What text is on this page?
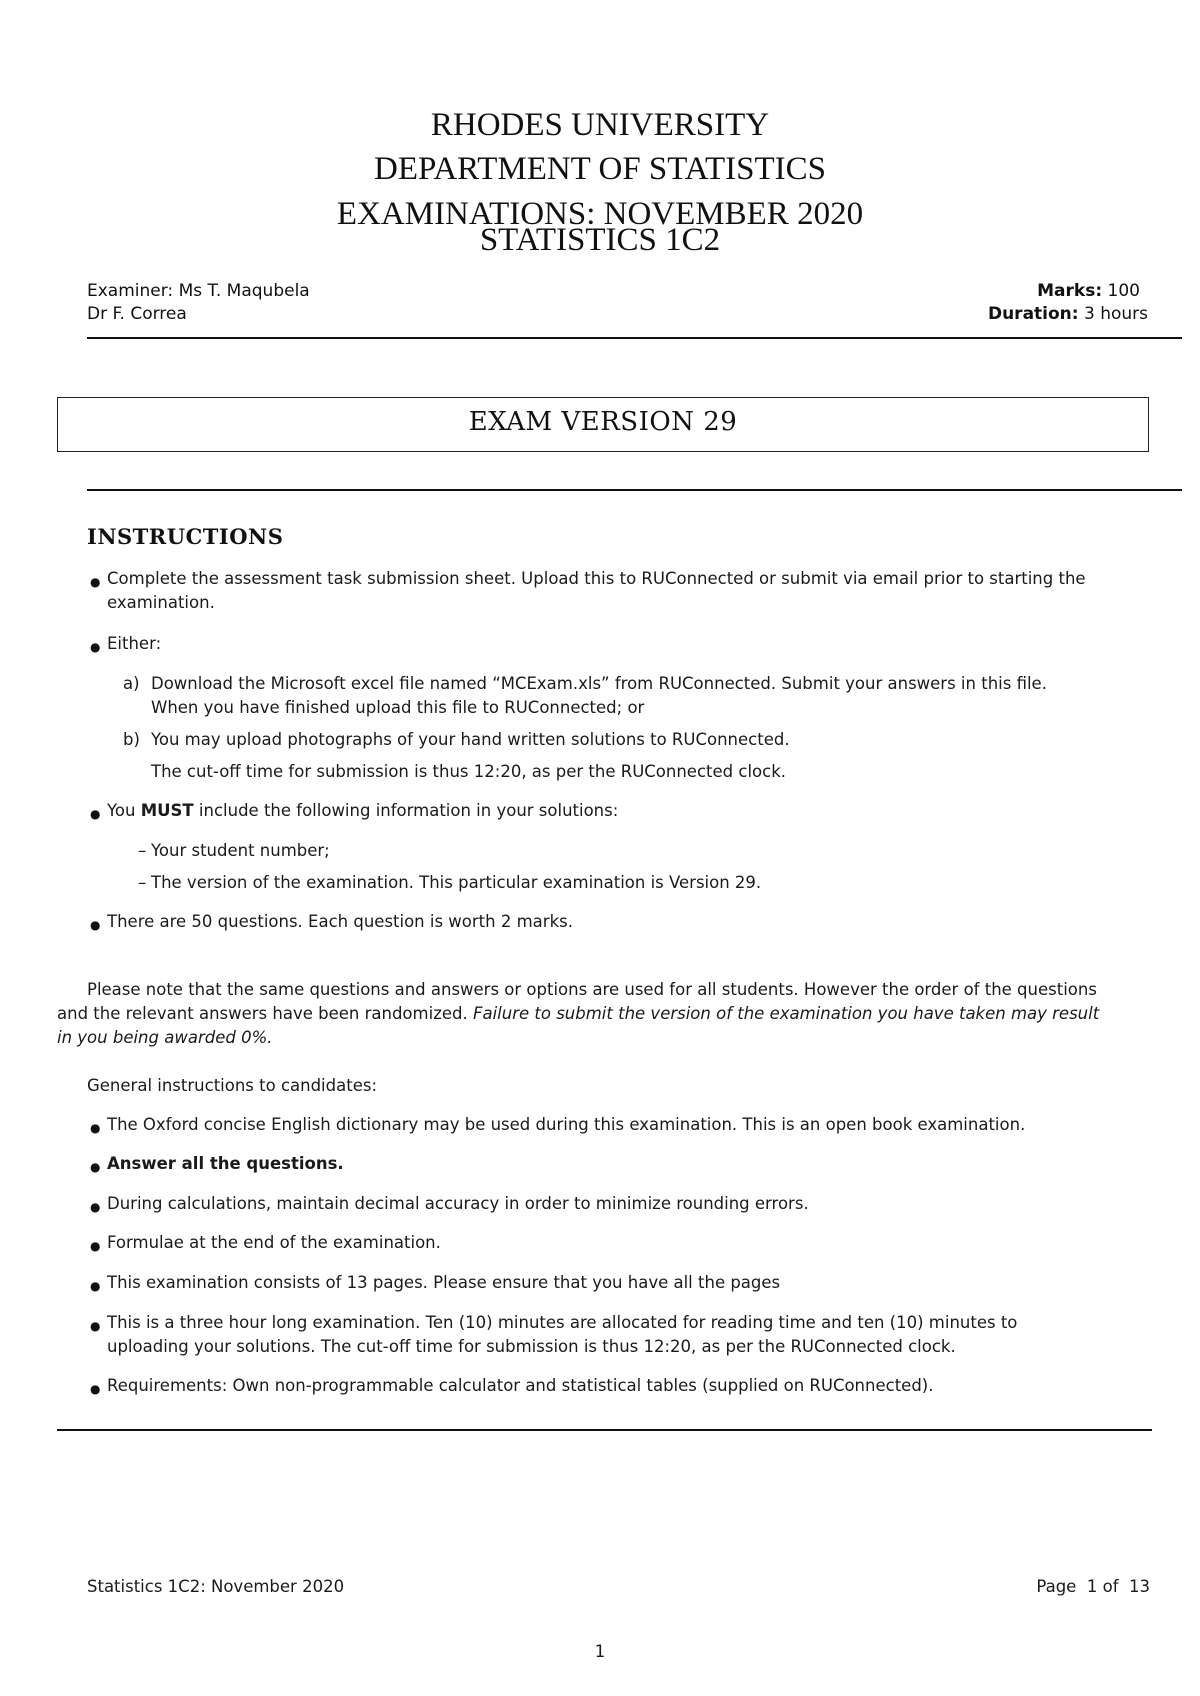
RHODES UNIVERSITY
DEPARTMENT OF STATISTICS
EXAMINATIONS: NOVEMBER 2020
STATISTICS 1C2
Examiner: Ms T. Maqubela
Dr F. Correa
Marks: 100
Duration: 3 hours
EXAM VERSION 29
INSTRUCTIONS
● Complete the assessment task submission sheet. Upload this to RUConnected or submit via email prior to starting the
examination.
● Either:
a) Download the Microsoft excel file named “MCExam.xls” from RUConnected. Submit your answers in this file.
When you have finished upload this file to RUConnected; or
b) You may upload photographs of your hand written solutions to RUConnected.
The cut-off time for submission is thus 12:20, as per the RUConnected clock.
● You MUST include the following information in your solutions:
– Your student number;
– The version of the examination. This particular examination is Version 29.
● There are 50 questions. Each question is worth 2 marks.
Please note that the same questions and answers or options are used for all students. However the order of the questions
and the relevant answers have been randomized. Failure to submit the version of the examination you have taken may result
in you being awarded 0%.
General instructions to candidates:
● The Oxford concise English dictionary may be used during this examination. This is an open book examination.
● Answer all the questions.
● During calculations, maintain decimal accuracy in order to minimize rounding errors.
● Formulae at the end of the examination.
● This examination consists of 13 pages. Please ensure that you have all the pages
● This is a three hour long examination. Ten (10) minutes are allocated for reading time and ten (10) minutes to
uploading your solutions. The cut-off time for submission is thus 12:20, as per the RUConnected clock.
● Requirements: Own non-programmable calculator and statistical tables (supplied on RUConnected).
Statistics 1C2: November 2020	Page 1 of 13
1
